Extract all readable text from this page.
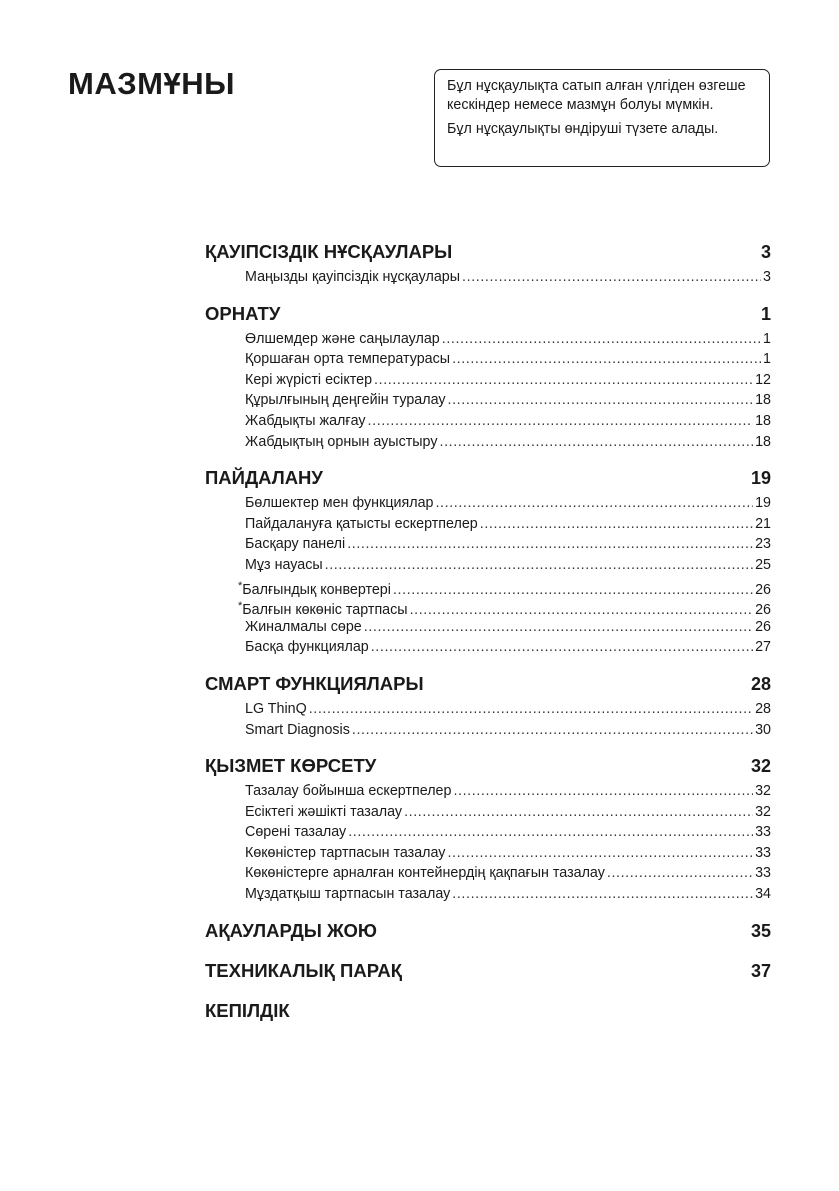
МАЗМҰНЫ	Бұл нұсқаулықта сатып алған үлгіден өзгеше кескіндер немесе мазмұн болуы мүмкін.

Бұл нұсқаулықты өндіруші түзете алады.

ҚАУІПСІЗДІК НҰСҚАУЛАРЫ	3
Маңызды қауіпсіздік нұсқаулары .....	3
ОРНАТУ	1
Өлшемдер және саңылаулар .....	1
Қоршаған орта температурасы .....	1
Кері жүрісті есіктер .....	12
Құрылғының деңгейін туралау .....	18
Жабдықты жалғау .....	18
Жабдықтың орнын ауыстыру .....	18
ПАЙДАЛАНУ	19
Бөлшектер мен функциялар .....	19
Пайдалануға қатысты ескертпелер .....	21
Басқару панелі .....	23
Мұз науасы .....	25
*Балғындық конвертері .....	26
*Балғын көкөніс тартпасы .....	26
Жиналмалы сөре .....	26
Басқа функциялар .....	27
СМАРТ ФУНКЦИЯЛАРЫ	28
LG ThinQ .....	28
Smart Diagnosis .....	30
ҚЫЗМЕТ КӨРСЕТУ	32
Тазалау бойынша ескертпелер .....	32
Есіктегі жәшікті тазалау .....	32
Сөрені тазалау .....	33
Көкөністер тартпасын тазалау .....	33
Көкөністерге арналған контейнердің қақпағын тазалау .....	33
Мұздатқыш тартпасын тазалау .....	34
АҚАУЛАРДЫ ЖОЮ	35
ТЕХНИКАЛЫҚ ПАРАҚ	37
КЕПІЛДІК
